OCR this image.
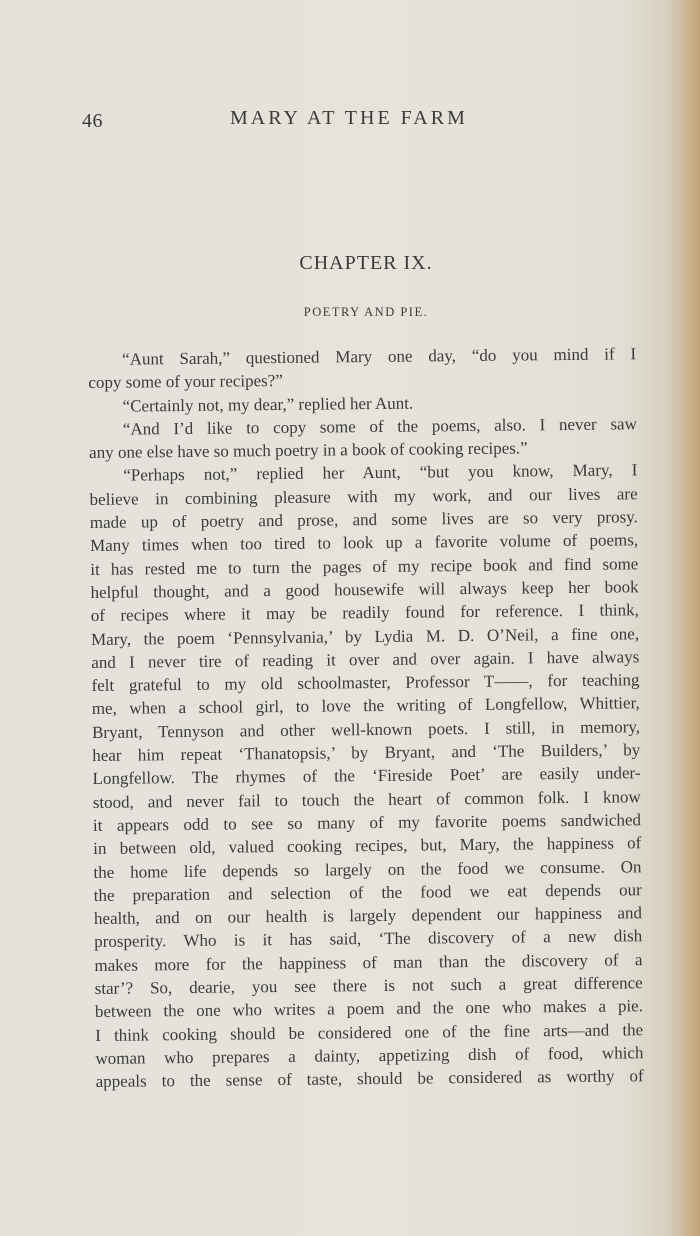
46	MARY AT THE FARM
CHAPTER IX.
POETRY AND PIE.
“Aunt Sarah,” questioned Mary one day, “do you mind if I
copy some of your recipes?”
“Certainly not, my dear,” replied her Aunt.
“And I’d like to copy some of the poems, also. I never saw
any one else have so much poetry in a book of cooking recipes.”
“Perhaps not,” replied her Aunt, “but you know, Mary, I
believe in combining pleasure with my work, and our lives are
made up of poetry and prose, and some lives are so very prosy.
Many times when too tired to look up a favorite volume of poems,
it has rested me to turn the pages of my recipe book and find some
helpful thought, and a good housewife will always keep her book
of recipes where it may be readily found for reference. I think,
Mary, the poem ‘Pennsylvania,’ by Lydia M. D. O’Neil, a fine one,
and I never tire of reading it over and over again. I have always
felt grateful to my old schoolmaster, Professor T——, for teaching
me, when a school girl, to love the writing of Longfellow, Whittier,
Bryant, Tennyson and other well-known poets. I still, in memory,
hear him repeat ‘Thanatopsis,’ by Bryant, and ‘The Builders,’ by
Longfellow. The rhymes of the ‘Fireside Poet’ are easily under-
stood, and never fail to touch the heart of common folk. I know
it appears odd to see so many of my favorite poems sandwiched
in between old, valued cooking recipes, but, Mary, the happiness of
the home life depends so largely on the food we consume. On
the preparation and selection of the food we eat depends our
health, and on our health is largely dependent our happiness and
prosperity. Who is it has said, ‘The discovery of a new dish
makes more for the happiness of man than the discovery of a
star’? So, dearie, you see there is not such a great difference
between the one who writes a poem and the one who makes a pie.
I think cooking should be considered one of the fine arts—and the
woman who prepares a dainty, appetizing dish of food, which
appeals to the sense of taste, should be considered as worthy of
